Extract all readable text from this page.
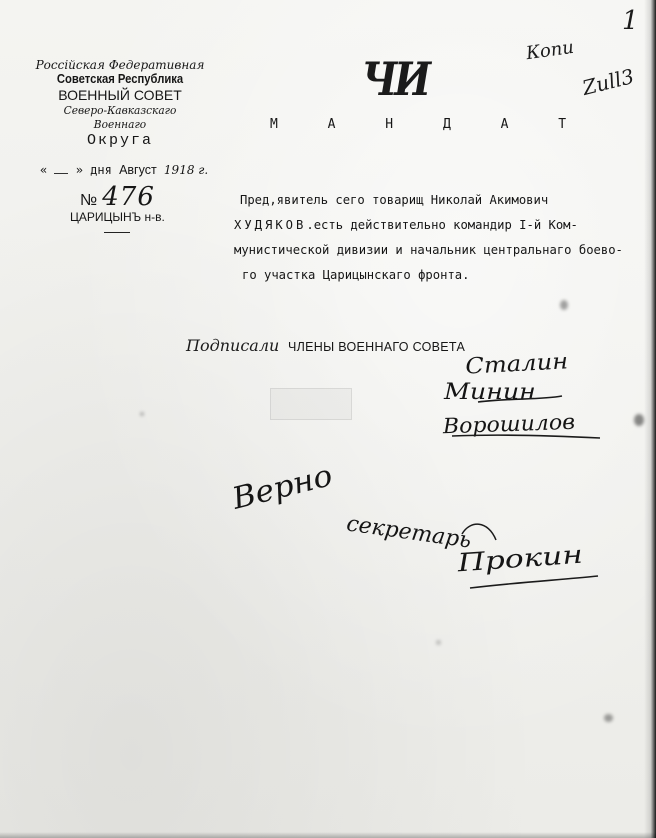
1
Копи
Zull3
ЧИ
Россiйская Федеративная
Советская Республика
ВОЕННЫЙ СОВЕТ
Северо-Кавказскаго Военнаго
Округа
« » дня Август 1918 г.
№ 476
ЦАРИЦЫНЪ н-в.
М А Н Д А Т
Пред,явитель сего товарищ Николай Акимович
ХУДЯКОВ.есть действительно командир I-й Ком-
мунистической дивизии и начальник центральнаго боево-
го участка Царицынскаго фронта.
Подписали ЧЛЕНЫ ВОЕННАГО СОВЕТА
Сталин
Минин
Ворошилов
Верно
секретарь
Прокин
